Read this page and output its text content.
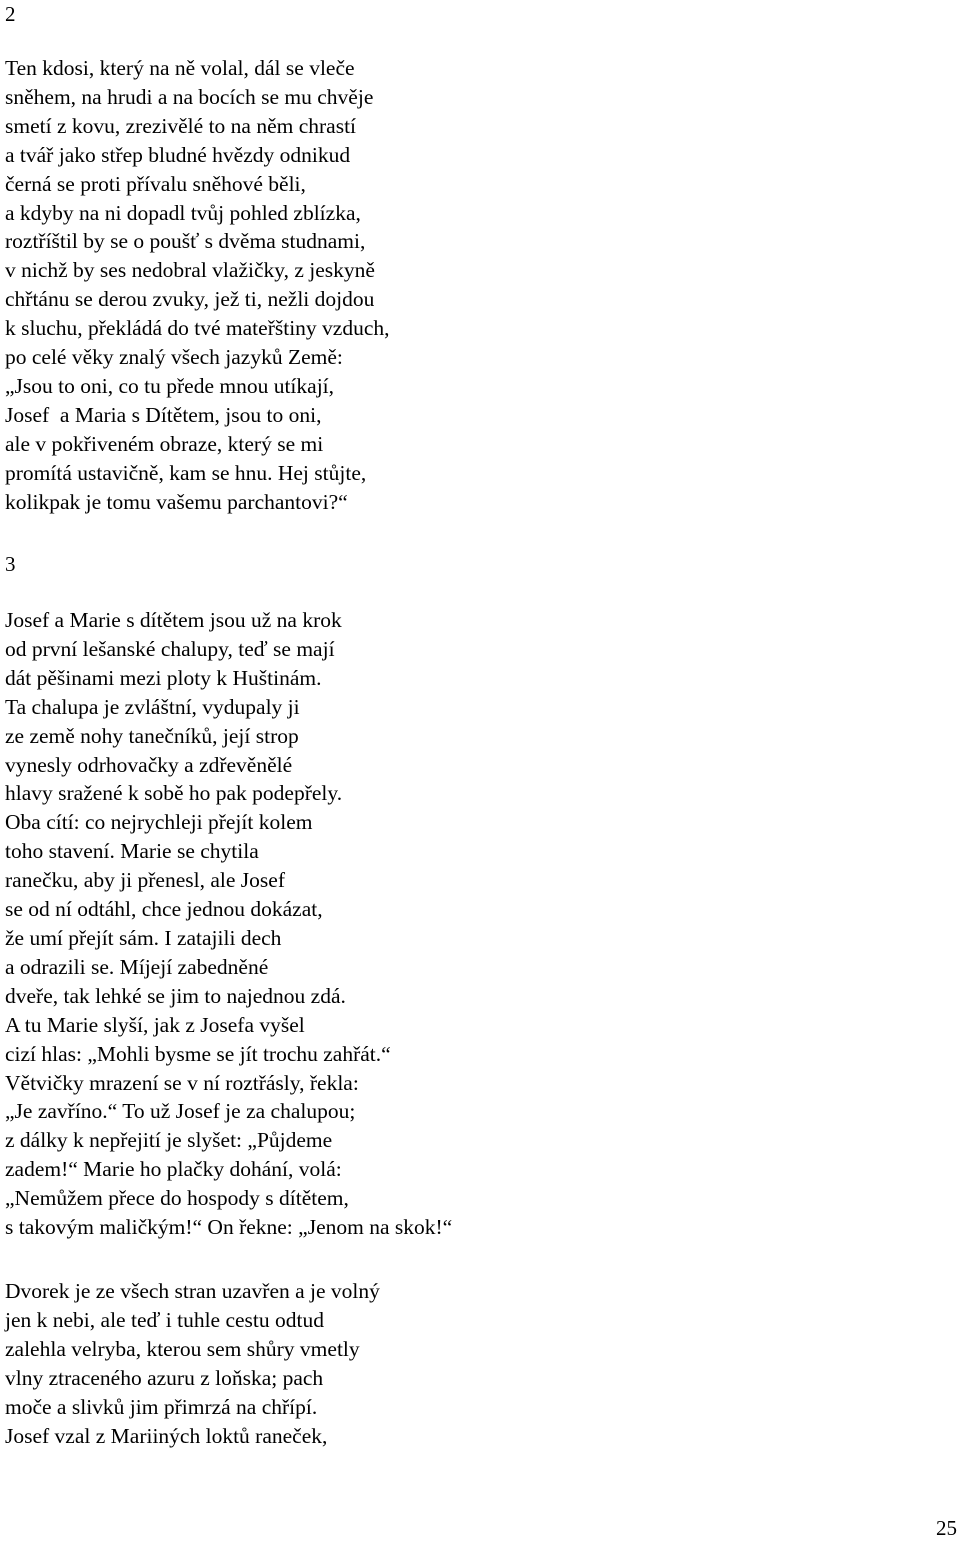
2
Ten kdosi, který na ně volal, dál se vleče
sněhem, na hrudi a na bocích se mu chvěje
smetí z kovu, zrezivělé to na něm chrastí
a tvář jako střep bludné hvězdy odnikud
černá se proti přívalu sněhové běli,
a kdyby na ni dopadl tvůj pohled zblízka,
roztříštil by se o poušť s dvěma studnami,
v nichž by ses nedobral vlažičky, z jeskyně
chřtánu se derou zvuky, jež ti, nežli dojdou
k sluchu, překládá do tvé mateřštiny vzduch,
po celé věky znalý všech jazyků Země:
„Jsou to oni, co tu přede mnou utíkají,
Josef  a Maria s Dítětem, jsou to oni,
ale v pokřiveném obraze, který se mi
promítá ustavičně, kam se hnu. Hej stůjte,
kolikpak je tomu vašemu parchantovi?“
3
Josef a Marie s dítětem jsou už na krok
od první lešanské chalupy, teď se mají
dát pěšinami mezi ploty k Huštinám.
Ta chalupa je zvláštní, vydupaly ji
ze země nohy tanečníků, její strop
vynesly odrhovačky a zdřevěnělé
hlavy sražené k sobě ho pak podepřely.
Oba cítí: co nejrychleji přejít kolem
toho stavení. Marie se chytila
ranečku, aby ji přenesl, ale Josef
se od ní odtáhl, chce jednou dokázat,
že umí přejít sám. I zatajili dech
a odrazili se. Míjejí zabedněné
dveře, tak lehké se jim to najednou zdá.
A tu Marie slyší, jak z Josefa vyšel
cizí hlas: „Mohli bysme se jít trochu zahřát.“
Větvičky mrazení se v ní roztřásly, řekla:
„Je zavříno.“ To už Josef je za chalupou;
z dálky k nepřejití je slyšet: „Půjdeme
zadem!“ Marie ho plačky dohání, volá:
„Nemůžem přece do hospody s dítětem,
s takovým maličkým!“ On řekne: „Jenom na skok!“
Dvorek je ze všech stran uzavřen a je volný
jen k nebi, ale teď i tuhle cestu odtud
zalehla velryba, kterou sem shůry vmetly
vlny ztraceného azuru z loňska; pach
moče a slivků jim přimrzá na chřípí.
Josef vzal z Mariiných loktů raneček,
25
